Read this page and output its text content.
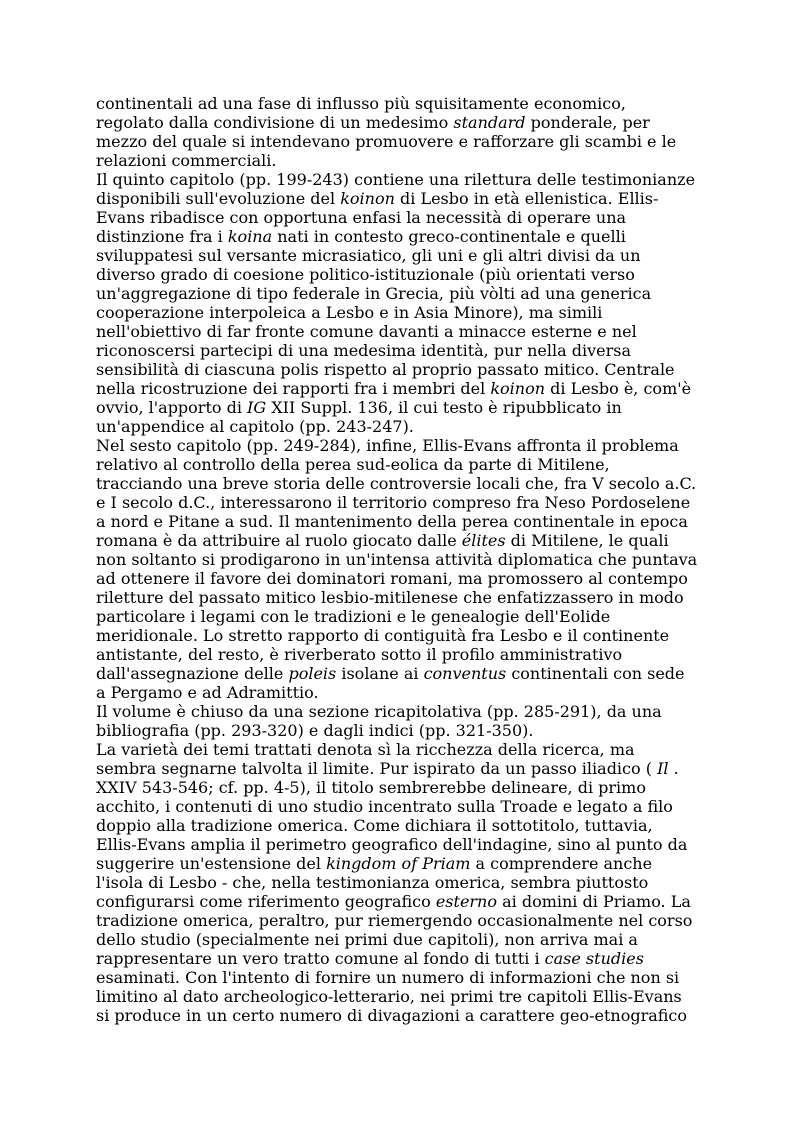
continentali ad una fase di influsso più squisitamente economico,
regolato dalla condivisione di un medesimo standard ponderale, per
mezzo del quale si intendevano promuovere e rafforzare gli scambi e le
relazioni commerciali.
Il quinto capitolo (pp. 199-243) contiene una rilettura delle testimonianze
disponibili sull'evoluzione del koinon di Lesbo in età ellenistica. Ellis-
Evans ribadisce con opportuna enfasi la necessità di operare una
distinzione fra i koina nati in contesto greco-continentale e quelli
sviluppatesi sul versante micrasiatico, gli uni e gli altri divisi da un
diverso grado di coesione politico-istituzionale (più orientati verso
un'aggregazione di tipo federale in Grecia, più vòlti ad una generica
cooperazione interpoleica a Lesbo e in Asia Minore), ma simili
nell'obiettivo di far fronte comune davanti a minacce esterne e nel
riconoscersi partecipi di una medesima identità, pur nella diversa
sensibilità di ciascuna polis rispetto al proprio passato mitico. Centrale
nella ricostruzione dei rapporti fra i membri del koinon di Lesbo è, com'è
ovvio, l'apporto di IG XII Suppl. 136, il cui testo è ripubblicato in
un'appendice al capitolo (pp. 243-247).
Nel sesto capitolo (pp. 249-284), infine, Ellis-Evans affronta il problema
relativo al controllo della perea sud-eolica da parte di Mitilene,
tracciando una breve storia delle controversie locali che, fra V secolo a.C.
e I secolo d.C., interessarono il territorio compreso fra Neso Pordoselene
a nord e Pitane a sud. Il mantenimento della perea continentale in epoca
romana è da attribuire al ruolo giocato dalle élites di Mitilene, le quali
non soltanto si prodigarono in un'intensa attività diplomatica che puntava
ad ottenere il favore dei dominatori romani, ma promossero al contempo
riletture del passato mitico lesbio-mitilenese che enfatizzassero in modo
particolare i legami con le tradizioni e le genealogie dell'Eolide
meridionale. Lo stretto rapporto di contiguità fra Lesbo e il continente
antistante, del resto, è riverberato sotto il profilo amministrativo
dall'assegnazione delle poleis isolane ai conventus continentali con sede
a Pergamo e ad Adramittio.
Il volume è chiuso da una sezione ricapitolativa (pp. 285-291), da una
bibliografia (pp. 293-320) e dagli indici (pp. 321-350).
La varietà dei temi trattati denota sì la ricchezza della ricerca, ma
sembra segnarne talvolta il limite. Pur ispirato da un passo iliadico ( Il .
XXIV 543-546; cf. pp. 4-5), il titolo sembrerebbe delineare, di primo
acchito, i contenuti di uno studio incentrato sulla Troade e legato a filo
doppio alla tradizione omerica. Come dichiara il sottotitolo, tuttavia,
Ellis-Evans amplia il perimetro geografico dell'indagine, sino al punto da
suggerire un'estensione del kingdom of Priam a comprendere anche
l'isola di Lesbo - che, nella testimonianza omerica, sembra piuttosto
configurarsi come riferimento geografico esterno ai domini di Priamo. La
tradizione omerica, peraltro, pur riemergendo occasionalmente nel corso
dello studio (specialmente nei primi due capitoli), non arriva mai a
rappresentare un vero tratto comune al fondo di tutti i case studies
esaminati. Con l'intento di fornire un numero di informazioni che non si
limitino al dato archeologico-letterario, nei primi tre capitoli Ellis-Evans
si produce in un certo numero di divagazioni a carattere geo-etnografico
